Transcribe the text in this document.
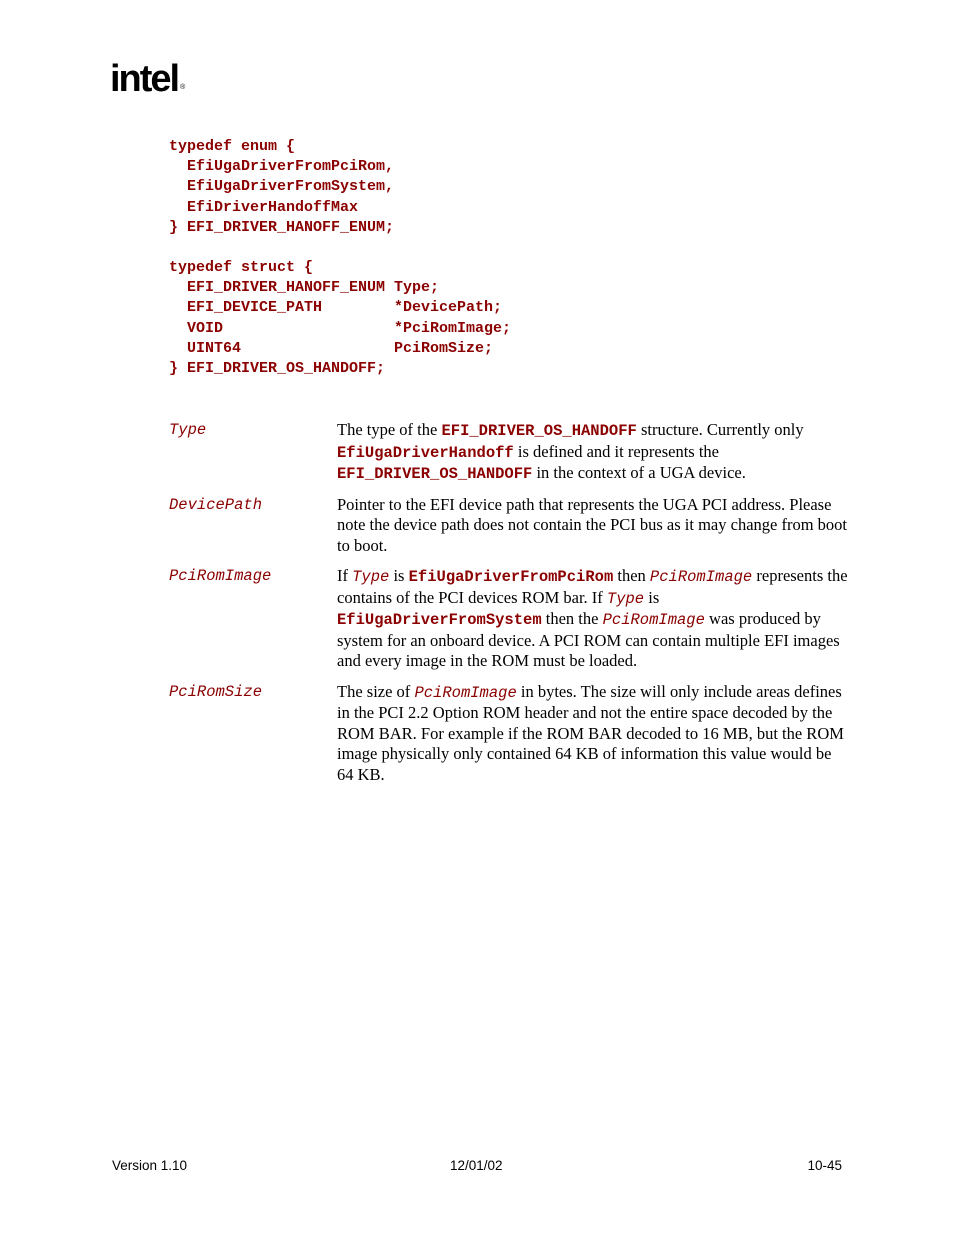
intel ®
typedef enum {
EfiUgaDriverFromPciRom,
EfiUgaDriverFromSystem,
EfiDriverHandoffMax
} EFI_DRIVER_HANOFF_ENUM;

typedef struct {
EFI_DRIVER_HANOFF_ENUM Type;
EFI_DEVICE_PATH        *DevicePath;
VOID                   *PciRomImage;
UINT64                 PciRomSize;
} EFI_DRIVER_OS_HANDOFF;

Type	The type of the EFI_DRIVER_OS_HANDOFF structure. Currently only EfiUgaDriverHandoff is defined and it represents the EFI_DRIVER_OS_HANDOFF in the context of a UGA device.
DevicePath	Pointer to the EFI device path that represents the UGA PCI address. Please note the device path does not contain the PCI bus as it may change from boot to boot.
PciRomImage	If Type is EfiUgaDriverFromPciRom then PciRomImage represents the contains of the PCI devices ROM bar. If Type is EfiUgaDriverFromSystem then the PciRomImage was produced by system for an onboard device. A PCI ROM can contain multiple EFI images and every image in the ROM must be loaded.
PciRomSize	The size of PciRomImage in bytes. The size will only include areas defines in the PCI 2.2 Option ROM header and not the entire space decoded by the ROM BAR. For example if the ROM BAR decoded to 16 MB, but the ROM image physically only contained 64 KB of information this value would be 64 KB.
Version 1.10	12/01/02	10-45
